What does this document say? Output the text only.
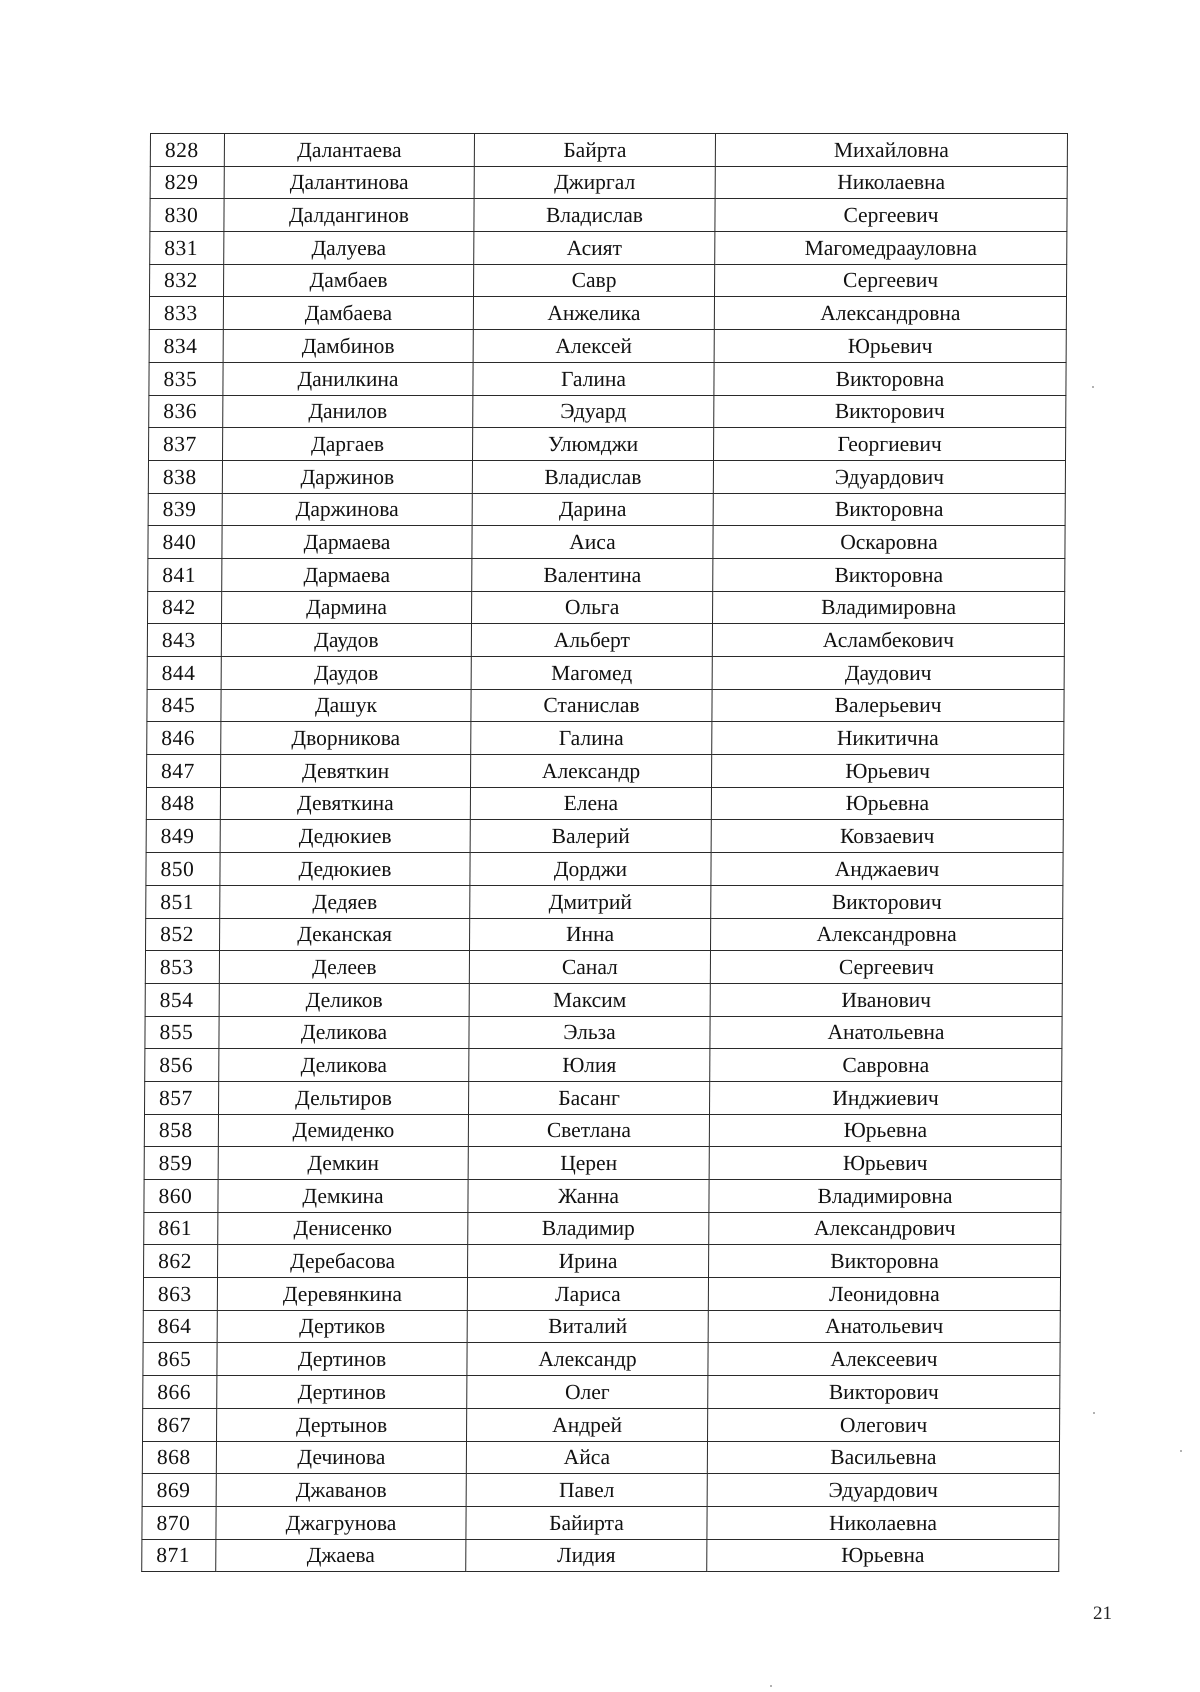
828	Далантаева	Байрта	Михайловна
829	Далантинова	Джиргал	Николаевна
830	Далдангинов	Владислав	Сергеевич
831	Далуева	Асият	Магомедрааулoвна
832	Дамбаев	Савр	Сергеевич
833	Дамбаева	Анжелика	Александровна
834	Дамбинов	Алексей	Юрьевич
835	Данилкина	Галина	Викторовна
836	Данилов	Эдуард	Викторович
837	Даргаев	Улюмджи	Георгиевич
838	Даржинов	Владислав	Эдуардович
839	Даржинова	Дарина	Викторовна
840	Дармаева	Аиса	Оскаровна
841	Дармаева	Валентина	Викторовна
842	Дармина	Ольга	Владимировна
843	Даудов	Альберт	Асламбекович
844	Даудов	Магомед	Даудович
845	Дашук	Станислав	Валерьевич
846	Дворникова	Галина	Никитична
847	Девяткин	Александр	Юрьевич
848	Девяткина	Елена	Юрьевна
849	Дедюкиев	Валерий	Ковзаевич
850	Дедюкиев	Дорджи	Анджаевич
851	Дедяев	Дмитрий	Викторович
852	Деканская	Инна	Александровна
853	Делеев	Санал	Сергеевич
854	Деликов	Максим	Иванович
855	Деликова	Эльза	Анатольевна
856	Деликова	Юлия	Савровна
857	Дельтиров	Басанг	Инджиевич
858	Демиденко	Светлана	Юрьевна
859	Демкин	Церен	Юрьевич
860	Демкина	Жанна	Владимировна
861	Денисенко	Владимир	Александрович
862	Деребасова	Ирина	Викторовна
863	Деревянкина	Лариса	Леонидовна
864	Дертиков	Виталий	Анатольевич
865	Дертинов	Александр	Алексеевич
866	Дертинов	Олег	Викторович
867	Дертынов	Андрей	Олегович
868	Дечинова	Айса	Васильевна
869	Джаванов	Павел	Эдуардович
870	Джагрунова	Байирта	Николаевна
871	Джаева	Лидия	Юрьевна
21
